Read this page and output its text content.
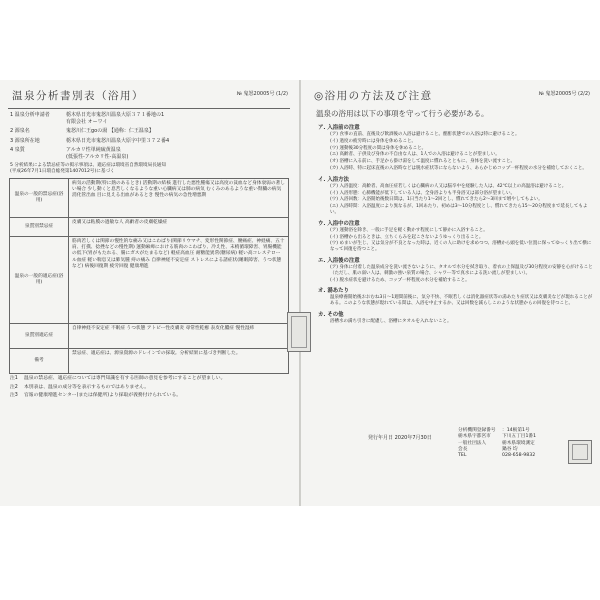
温泉分析書別表（浴用）	№ 鬼怒20005号 (1/2)
1 温泉分析申請者	栃木県日光市鬼怒川温泉大原３７１番地の1
有限会社 オーワイ
2 源泉名	鬼怒川仁王goの湯 【通称：仁王温泉】
3 源泉所在地	栃木県日光市鬼怒川温泉大原字中里３７２番4
4 泉質	アルカリ性単純硫黄温泉
(低張性-アルカリ性-高温泉)
5 分析結果による禁忌症等の掲示事項は、適応症は環境省自然環境局長通知
(平成26年7月1日環自総発第1407012号)に基づく
温泉の一般的禁忌症(浴用)	病気の活動期(特に熱のあるとき) 活動期の結核 進行した悪性腫瘍又は高度の貧血など身体衰弱の著しい場合 少し動くと息苦しくなるような重い心臓病又は肺の病気 むくみのあるような重い腎臓の病気 消化管出血 目に見える出血があるとき 慢性の病気の急性増悪期
泉質別禁忌症	皮膚又は粘膜の過敏な人 高齢者の皮膚乾燥症
温泉の一般的適応症(浴用)	筋肉若しくは関節の慢性的な痛み又はこわばり(関節リウマチ、変形性関節症、腰痛症、神経痛、五十肩、打撲、捻挫などの慢性期) 運動麻痺における筋肉のこわばり、冷え性、末梢循環障害、胃腸機能の低下(胃がもたれる、腸にガスがたまるなど) 軽症高血圧 耐糖能異常(糖尿病) 軽い高コレステロール血症 軽い喘息又は肺気腫 痔の痛み 自律神経不安定症 ストレスによる諸症状(睡眠障害、うつ状態など) 病後回復期 疲労回復 健康増進
泉質別適応症	自律神経不安定症 不眠症 うつ状態 アトピー性皮膚炎 尋常性乾癬 表皮化膿症 慢性湿疹
備考	禁忌症、適応症は、源泉資源のドレインでの採取。分析結果に基づき判断した。
注1 温泉の禁忌症、適応症については専門知識を有する医師の意見を参考にすることが望ましい。
注2 本別表は、温泉の成分等を表示するものではありません。
注3 官報の健康増進センター(または保健所)より採取が義務付けられている。
◎浴用の方法及び注意	№ 鬼怒20005号 (2/2)
温泉の浴用は以下の事項を守って行う必要がある。
ア. 入浴前の注意
(ア) 食事の直前、直後及び飲酒後の入浴は避けること。酩酊状態での入浴は特に避けること。
(イ) 過度の疲労時には身体を休めること。
(ウ) 運動後30分程度の間は身体を休めること。
(エ) 高齢者、子供及び身体の不自由な人は、1人での入浴は避けることが望ましい。
(オ) 浴槽に入る前に、手足から掛け湯をして温度に慣れるとともに、身体を洗い流すこと。
(カ) 入浴時、特に起床直後の入浴時などは脱水症状等にならないよう、あらかじめコップ一杯程度の水分を補給しておくこと。
イ. 入浴方法
(ア) 入浴温度：高齢者、高血圧症若しくは心臓病の人又は脳卒中を経験した人は、42℃以上の高温浴は避けること。
(イ) 入浴形態：心肺機能が低下している人は、全身浴よりも半身浴又は部分浴が望ましい。
(ウ) 入浴回数：入浴開始後数日間は、1日当たり1〜2回とし、慣れてきたら2〜3回まで増やしてもよい。
(エ) 入浴時間：入浴温度により異なるが、1回あたり、初めは3〜10分程度とし、慣れてきたら15〜20分程度まで延長してもよい。
ウ. 入浴中の注意
(ア) 運動浴を除き、一般に手足を軽く動かす程度にして静かに入浴すること。
(イ) 浴槽から出るときは、立ちくらみを起こさないようゆっくり出ること。
(ウ) めまいが生じ、又は気分が不良となった時は、近くの人に助けを求めつつ、浴槽から頭を低い位置に保ってゆっくり出て横になって回復を待つこと。
エ. 入浴後の注意
(ア) 身体に付着した温泉成分を洗い流さないように、タオルで水分を拭き取り、着衣の上保温及び30分程度の安静を心がけること（ただし、肌の弱い人は、刺激の強い泉質の場合、シャワー等で真水による洗い流しが望ましい）。
(イ) 脱水症状を避けるため、コップ一杯程度の水分を補給すること。
オ. 湯あたり
温泉療養開始後おおむね3日〜1週間前後に、気分不快、不眠若しくは消化器症状等の湯あたり症状又は皮膚炎などが現れることがある。このような状態が現れている間は、入浴を中止するか、又は回数を減らしこのような状態からの回復を待つこと。
カ. その他
浴槽水の満ち引きに配慮し、浴槽にタオルを入れないこと。
発行年月日 2020年7月30日
分析機関登録番号	：14栃第1号
栃木県宇都宮市	下川五丁目1番1
一般社団法人	栃木県環境測定
会長	鍋谷 均
TEL	028-658-9832
